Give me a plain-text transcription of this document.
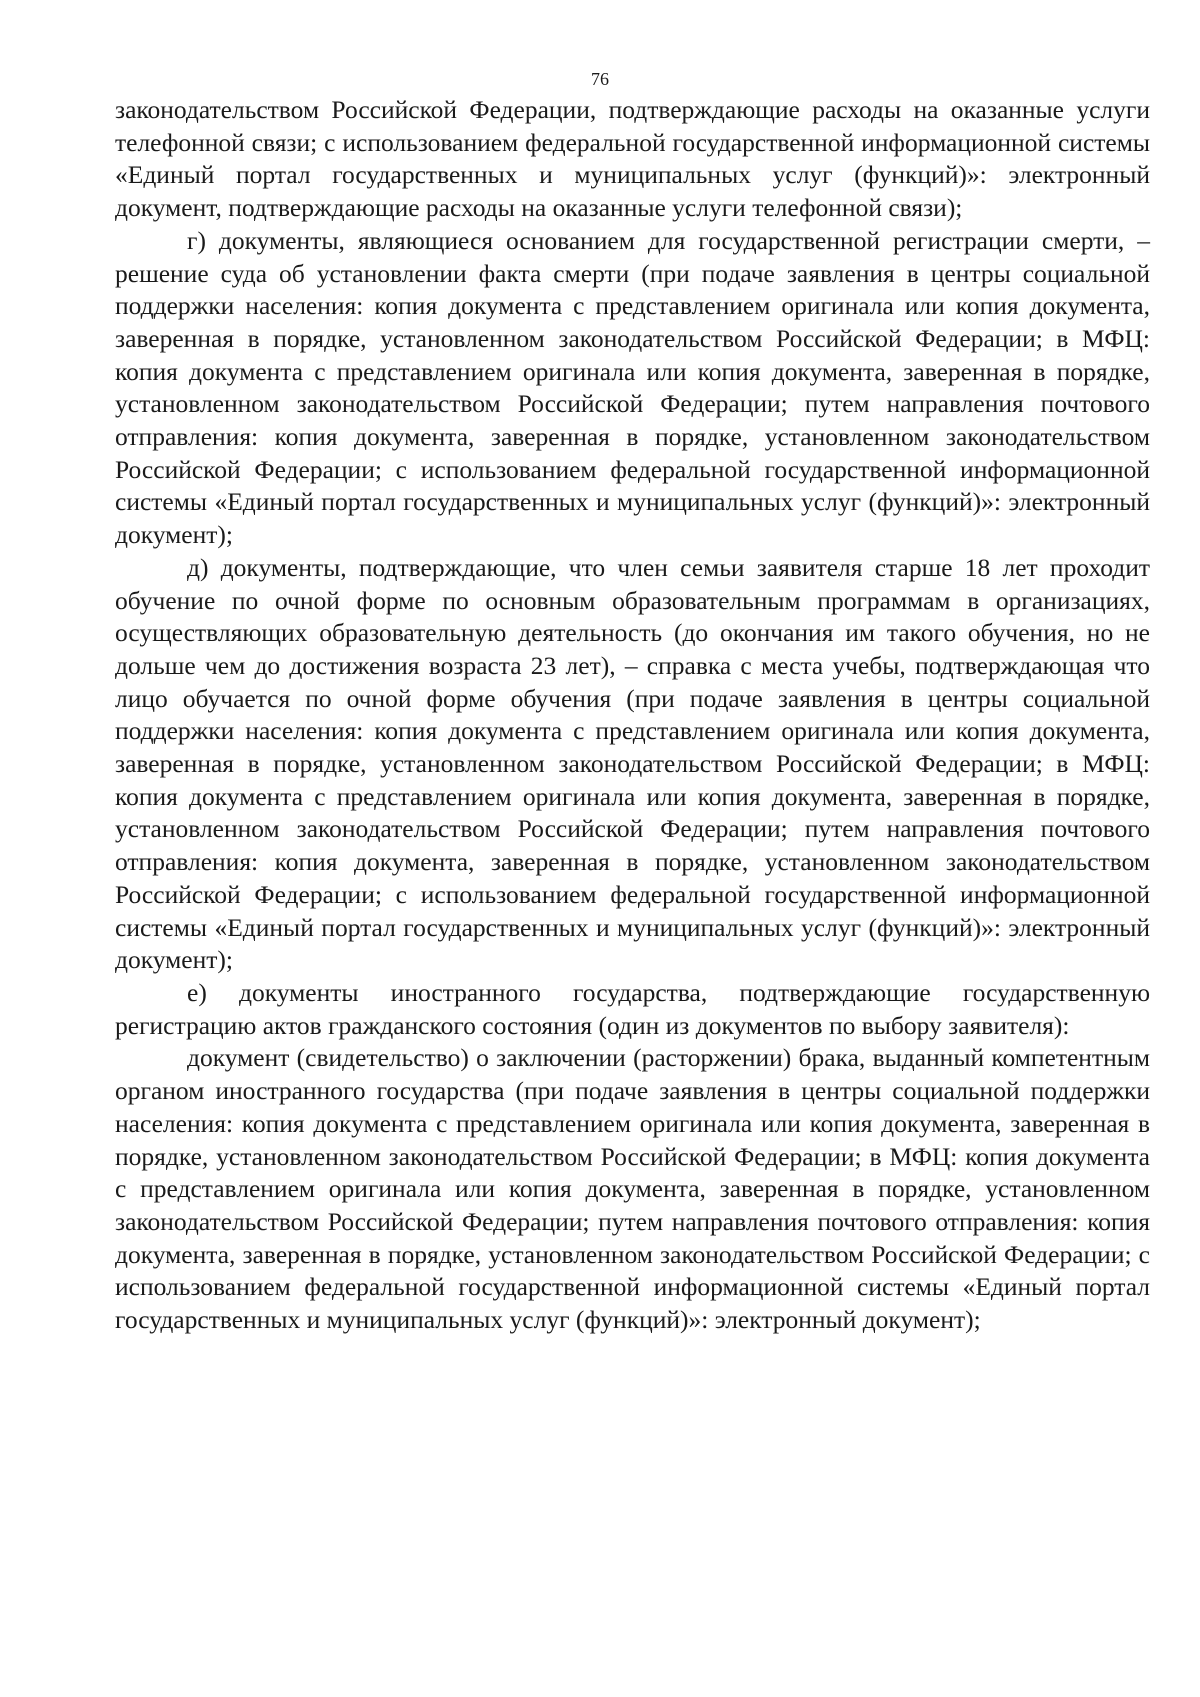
76

законодательством Российской Федерации, подтверждающие расходы на оказанные услуги телефонной связи; с использованием федеральной государственной информационной системы «Единый портал государственных и муниципальных услуг (функций)»: электронный документ, подтверждающие расходы на оказанные услуги телефонной связи);

г) документы, являющиеся основанием для государственной регистрации смерти, – решение суда об установлении факта смерти (при подаче заявления в центры социальной поддержки населения: копия документа с представлением оригинала или копия документа, заверенная в порядке, установленном законодательством Российской Федерации; в МФЦ: копия документа с представлением оригинала или копия документа, заверенная в порядке, установленном законодательством Российской Федерации; путем направления почтового отправления: копия документа, заверенная в порядке, установленном законодательством Российской Федерации; с использованием федеральной государственной информационной системы «Единый портал государственных и муниципальных услуг (функций)»: электронный документ);

д) документы, подтверждающие, что член семьи заявителя старше 18 лет проходит обучение по очной форме по основным образовательным программам в организациях, осуществляющих образовательную деятельность (до окончания им такого обучения, но не дольше чем до достижения возраста 23 лет), – справка с места учебы, подтверждающая что лицо обучается по очной форме обучения (при подаче заявления в центры социальной поддержки населения: копия документа с представлением оригинала или копия документа, заверенная в порядке, установленном законодательством Российской Федерации; в МФЦ: копия документа с представлением оригинала или копия документа, заверенная в порядке, установленном законодательством Российской Федерации; путем направления почтового отправления: копия документа, заверенная в порядке, установленном законодательством Российской Федерации; с использованием федеральной государственной информационной системы «Единый портал государственных и муниципальных услуг (функций)»: электронный документ);

е) документы иностранного государства, подтверждающие государственную регистрацию актов гражданского состояния (один из документов по выбору заявителя):

документ (свидетельство) о заключении (расторжении) брака, выданный компетентным органом иностранного государства (при подаче заявления в центры социальной поддержки населения: копия документа с представлением оригинала или копия документа, заверенная в порядке, установленном законодательством Российской Федерации; в МФЦ: копия документа с представлением оригинала или копия документа, заверенная в порядке, установленном законодательством Российской Федерации; путем направления почтового отправления: копия документа, заверенная в порядке, установленном законодательством Российской Федерации; с использованием федеральной государственной информационной системы «Единый портал государственных и муниципальных услуг (функций)»: электронный документ);
